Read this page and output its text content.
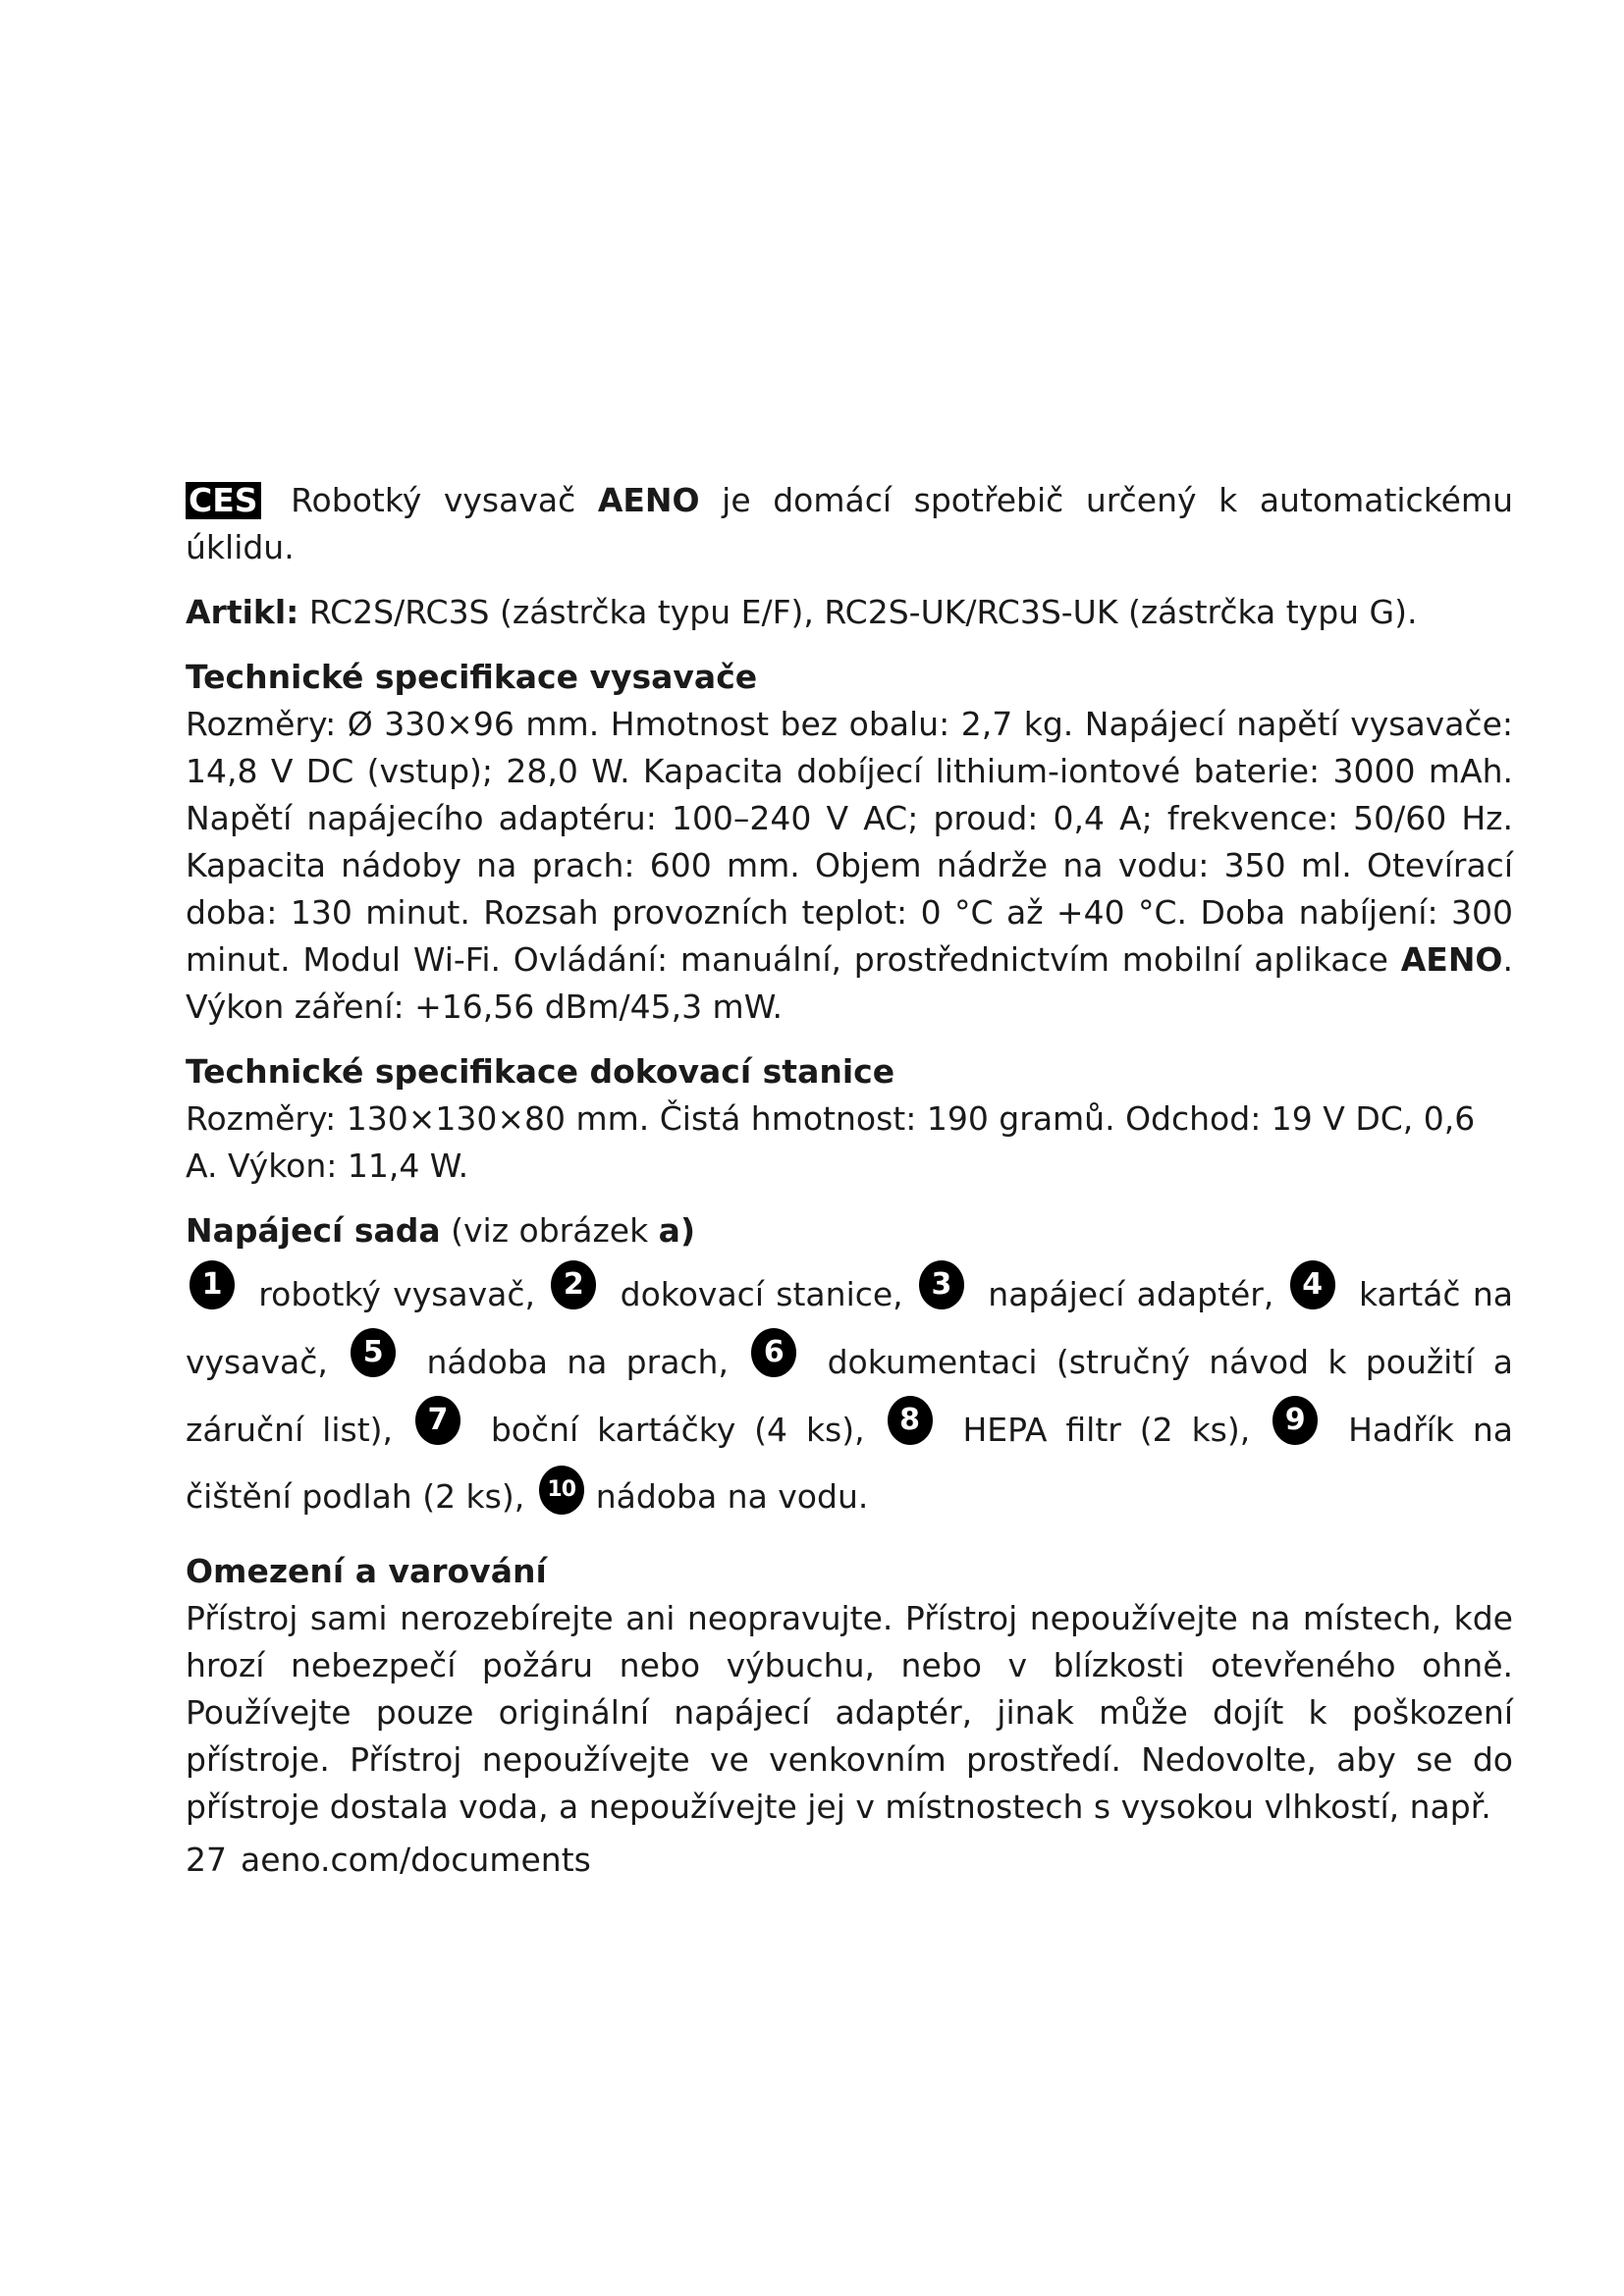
CES Robotký vysavač AENO je domácí spotřebič určený k automatickému úklidu.

Artikl: RC2S/RC3S (zástrčka typu E/F), RC2S-UK/RC3S-UK (zástrčka typu G).

Technické specifikace vysavače

Rozměry: Ø 330×96 mm. Hmotnost bez obalu: 2,7 kg. Napájecí napětí vysavače: 14,8 V DC (vstup); 28,0 W. Kapacita dobíjecí lithium-iontové baterie: 3000 mAh. Napětí napájecího adaptéru: 100–240 V AC; proud: 0,4 A; frekvence: 50/60 Hz. Kapacita nádoby na prach: 600 mm. Objem nádrže na vodu: 350 ml. Otevírací doba: 130 minut. Rozsah provozních teplot: 0 °C až +40 °C. Doba nabíjení: 300 minut. Modul Wi-Fi. Ovládání: manuální, prostřednictvím mobilní aplikace AENO. Výkon záření: +16,56 dBm/45,3 mW.

Technické specifikace dokovací stanice

Rozměry: 130×130×80 mm. Čistá hmotnost: 190 gramů. Odchod: 19 V DC, 0,6 A. Výkon: 11,4 W.

Napájecí sada (viz obrázek a)

1 robotký vysavač, 2 dokovací stanice, 3 napájecí adaptér, 4 kartáč na vysavač, 5 nádoba na prach, 6 dokumentaci (stručný návod k použití a záruční list), 7 boční kartáčky (4 ks), 8 HEPA filtr (2 ks), 9 Hadřík na čištění podlah (2 ks), 10 nádoba na vodu.

Omezení a varování

Přístroj sami nerozebírejte ani neopravujte. Přístroj nepoužívejte na místech, kde hrozí nebezpečí požáru nebo výbuchu, nebo v blízkosti otevřeného ohně. Používejte pouze originální napájecí adaptér, jinak může dojít k poškození přístroje. Přístroj nepoužívejte ve venkovním prostředí. Nedovolte, aby se do přístroje dostala voda, a nepoužívejte jej v místnostech s vysokou vlhkostí, např.

27 aeno.com/documents
